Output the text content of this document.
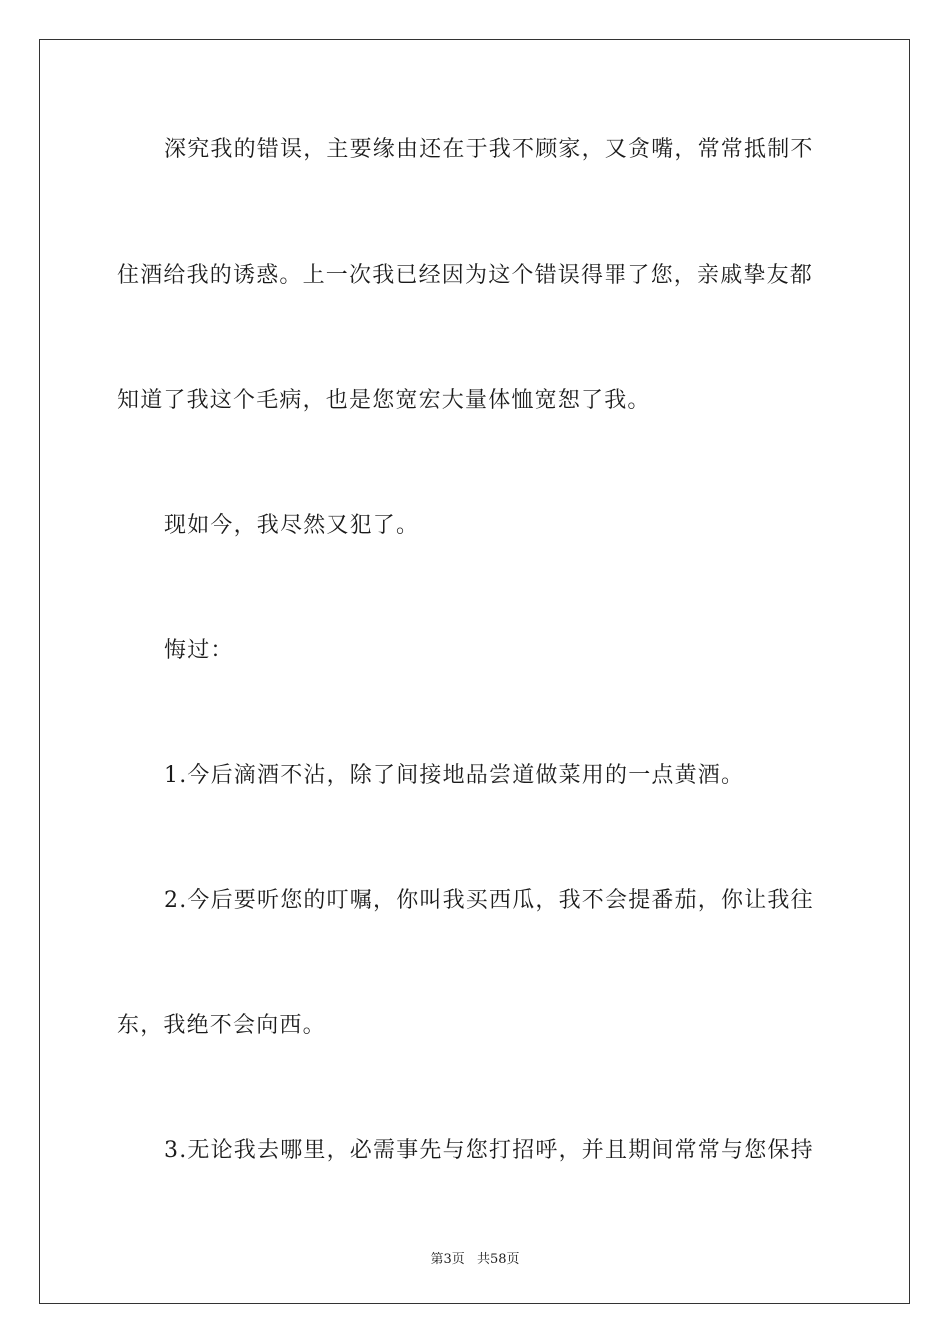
深究我的错误，主要缘由还在于我不顾家，又贪嘴，常常抵制不
住酒给我的诱惑。上一次我已经因为这个错误得罪了您，亲戚挚友都
知道了我这个毛病，也是您宽宏大量体恤宽恕了我。
现如今，我尽然又犯了。
悔过：
1.今后滴酒不沾，除了间接地品尝道做菜用的一点黄酒。
2.今后要听您的叮嘱，你叫我买西瓜，我不会提番茄，你让我往
东，我绝不会向西。
3.无论我去哪里，必需事先与您打招呼，并且期间常常与您保持
第3页 共58页
